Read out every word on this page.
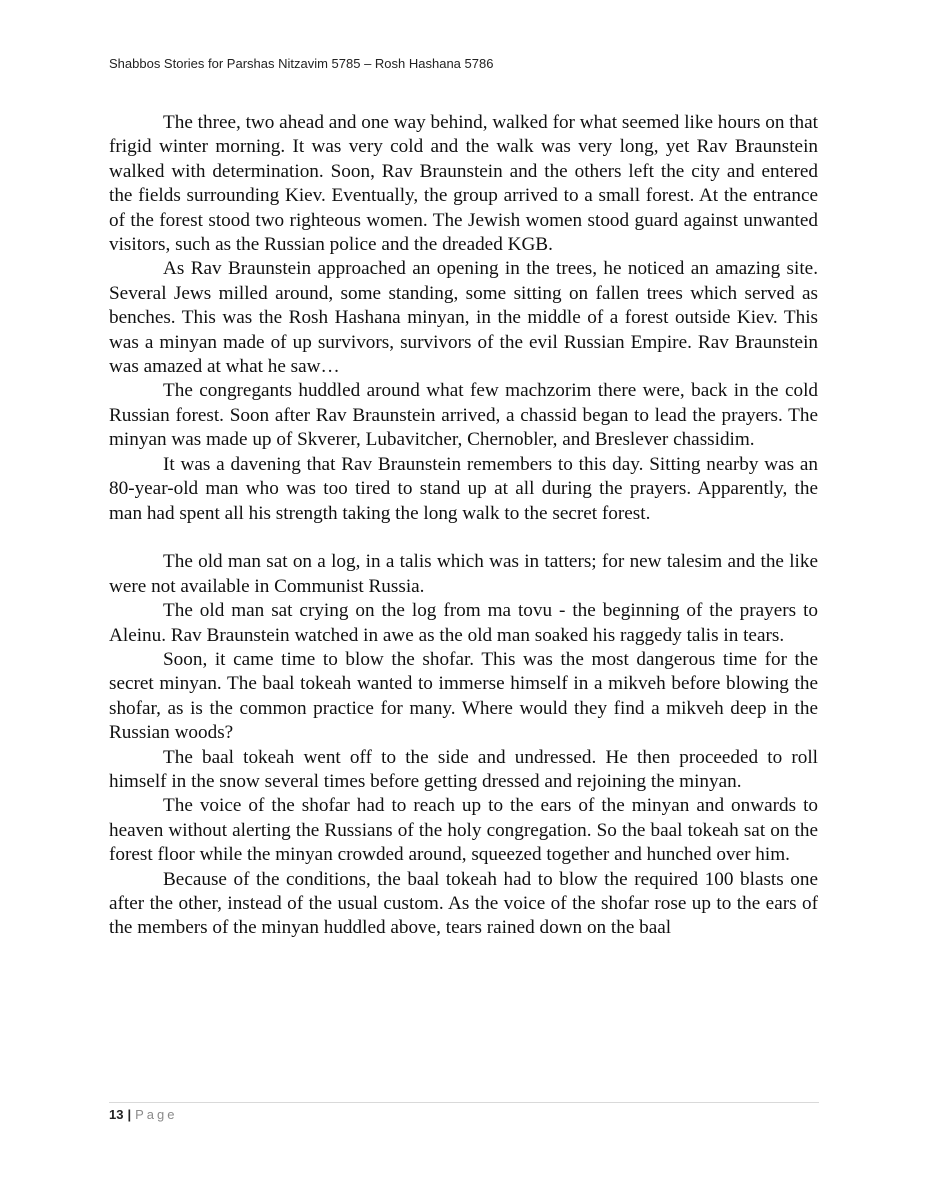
Shabbos Stories for Parshas Nitzavim 5785 – Rosh Hashana 5786

The three, two ahead and one way behind, walked for what seemed like hours on that frigid winter morning. It was very cold and the walk was very long, yet Rav Braunstein walked with determination. Soon, Rav Braunstein and the others left the city and entered the fields surrounding Kiev. Eventually, the group arrived to a small forest. At the entrance of the forest stood two righteous women. The Jewish women stood guard against unwanted visitors, such as the Russian police and the dreaded KGB.

As Rav Braunstein approached an opening in the trees, he noticed an amazing site. Several Jews milled around, some standing, some sitting on fallen trees which served as benches. This was the Rosh Hashana minyan, in the middle of a forest outside Kiev. This was a minyan made of up survivors, survivors of the evil Russian Empire. Rav Braunstein was amazed at what he saw…

The congregants huddled around what few machzorim there were, back in the cold Russian forest. Soon after Rav Braunstein arrived, a chassid began to lead the prayers. The minyan was made up of Skverer, Lubavitcher, Chernobler, and Breslever chassidim.

It was a davening that Rav Braunstein remembers to this day. Sitting nearby was an 80-year-old man who was too tired to stand up at all during the prayers. Apparently, the man had spent all his strength taking the long walk to the secret forest.

The old man sat on a log, in a talis which was in tatters; for new talesim and the like were not available in Communist Russia.

The old man sat crying on the log from ma tovu - the beginning of the prayers to Aleinu. Rav Braunstein watched in awe as the old man soaked his raggedy talis in tears.

Soon, it came time to blow the shofar. This was the most dangerous time for the secret minyan. The baal tokeah wanted to immerse himself in a mikveh before blowing the shofar, as is the common practice for many. Where would they find a mikveh deep in the Russian woods?

The baal tokeah went off to the side and undressed. He then proceeded to roll himself in the snow several times before getting dressed and rejoining the minyan.

The voice of the shofar had to reach up to the ears of the minyan and onwards to heaven without alerting the Russians of the holy congregation. So the baal tokeah sat on the forest floor while the minyan crowded around, squeezed together and hunched over him.

Because of the conditions, the baal tokeah had to blow the required 100 blasts one after the other, instead of the usual custom. As the voice of the shofar rose up to the ears of the members of the minyan huddled above, tears rained down on the baal

13 | Page
